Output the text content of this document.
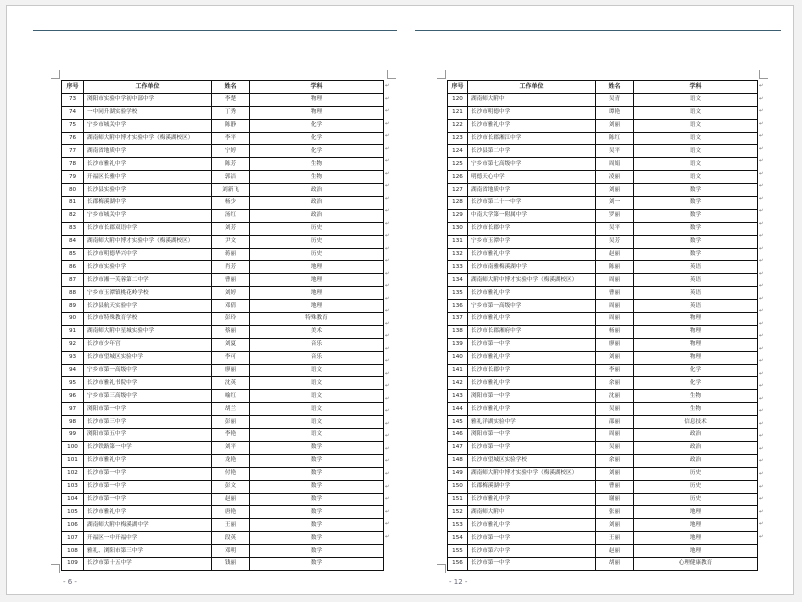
序号	工作单位	姓名	学科
73	浏阳市实验中学初中部中学	李楚	物理
74	一中同升湖实验学校	丁秀	物理
75	宁乡市城关中学	陈静	化学
76	湖南师大附中博才实验中学（梅溪湖校区）	李平	化学
77	湖南省地质中学	宁婷	化学
78	长沙市雅礼中学	陈芳	生物
79	开福区长雅中学	郭洁	生物
80	长沙县实验中学	刘新飞	政治
81	长郡梅溪湖中学	杨少	政治
82	宁乡市城关中学	汤红	政治
83	长沙市长郡双语中学	刘芳	历史
84	湖南师大附中博才实验中学（梅溪湖校区）	尹文	历史
85	长沙市明德华兴中学	蒋丽	历史
86	长沙市实验中学	肖芳	地理
87	长沙市湘一芙蓉第二中学	曹丽	地理
88	宁乡市玉潭镇桃花岭学校	刘婷	地理
89	长沙县航天实验中学	邓倩	地理
90	长沙市特殊教育学校	彭玲	特殊教育
91	湖南师大附中星城实验中学	蔡丽	美术
92	长沙市少年宫	刘夏	音乐
93	长沙市望城区实验中学	李可	音乐
94	宁乡市第一高级中学	廖丽	语文
95	长沙市雅礼书院中学	沈英	语文
96	宁乡市第三高级中学	喻红	语文
97	浏阳市第一中学	胡兰	语文
98	长沙市第三中学	彭丽	语文
99	浏阳市第五中学	李艳	语文
100	长沙铁路第一中学	刘平	数学
101	长沙市雅礼中学	龙艳	数学
102	长沙市第一中学	付艳	数学
103	长沙市第一中学	彭文	数学
104	长沙市第一中学	赵丽	数学
105	长沙市雅礼中学	唐艳	数学
106	湖南师大附中梅溪湖中学	王丽	数学
107	开福区一中开福中学	段英	数学
108	雅礼、浏阳市第三中学	邓明	数学
109	长沙市第十五中学	钱丽	数学
↵
↵
↵
↵
↵
↵
↵
↵
↵
↵
↵
↵
↵
↵
↵
↵
↵
↵
↵
↵
↵
↵
↵
↵
↵
↵
↵
↵
↵
↵
↵
↵
↵
↵
↵
↵
↵
- 6 -
序号	工作单位	姓名	学科
120	湖南师大附中	吴青	语文
121	长沙市明德中学	谭艳	语文
122	长沙市雅礼中学	刘丽	语文
123	长沙市长郡湘江中学	陈红	语文
124	长沙县第二中学	吴平	语文
125	宁乡市第七高级中学	周娟	语文
126	明德天心中学	凌丽	语文
127	湖南省地质中学	刘丽	数学
128	长沙市第二十一中学	刘一	数学
129	中南大学第一附属中学	罗丽	数学
130	长沙市长郡中学	吴平	数学
131	宁乡市玉潭中学	吴芳	数学
132	长沙市雅礼中学	赵丽	数学
133	长沙市南雅梅溪湖中学	陈丽	英语
134	湖南师大附中博才实验中学（梅溪湖校区）	周丽	英语
135	长沙市雅礼中学	曹丽	英语
136	宁乡市第一高级中学	周丽	英语
137	长沙市雅礼中学	周丽	物理
138	长沙市长郡湘府中学	杨丽	物理
139	长沙市第一中学	廖丽	物理
140	长沙市雅礼中学	刘丽	物理
141	长沙市长郡中学	李丽	化学
142	长沙市雅礼中学	余丽	化学
143	浏阳市第一中学	沈丽	生物
144	长沙市雅礼中学	吴丽	生物
145	雅礼洋湖实验中学	邵丽	信息技术
146	浏阳市第一中学	周丽	政治
147	长沙市第一中学	吴丽	政治
148	长沙市望城区实验学校	余丽	政治
149	湖南师大附中博才实验中学（梅溪湖校区）	刘丽	历史
150	长郡梅溪湖中学	曹丽	历史
151	长沙市雅礼中学	谢丽	历史
152	湖南师大附中	张丽	地理
153	长沙市雅礼中学	刘丽	地理
154	长沙市第一中学	王丽	地理
155	长沙市第六中学	赵丽	地理
156	长沙市第一中学	胡丽	心理健康教育
↵
↵
↵
↵
↵
↵
↵
↵
↵
↵
↵
↵
↵
↵
↵
↵
↵
↵
↵
↵
↵
↵
↵
↵
↵
↵
↵
↵
↵
↵
↵
↵
↵
↵
↵
↵
↵
- 12 -
